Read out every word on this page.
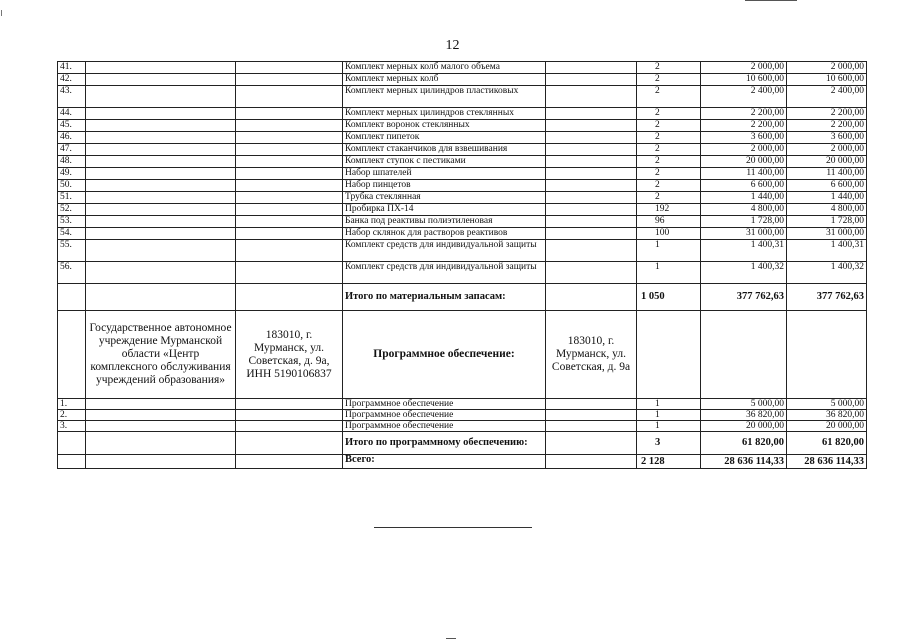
12
41.			Комплект мерных колб малого объема		2	2 000,00	2 000,00
42.			Комплект мерных колб		2	10 600,00	10 600,00
43.			Комплект мерных цилиндров пластиковых		2	2 400,00	2 400,00
44.			Комплект мерных цилиндров стеклянных		2	2 200,00	2 200,00
45.			Комплект воронок стеклянных		2	2 200,00	2 200,00
46.			Комплект пипеток		2	3 600,00	3 600,00
47.			Комплект стаканчиков для взвешивания		2	2 000,00	2 000,00
48.			Комплект ступок с пестиками		2	20 000,00	20 000,00
49.			Набор шпателей		2	11 400,00	11 400,00
50.			Набор пинцетов		2	6 600,00	6 600,00
51.			Трубка стеклянная		2	1 440,00	1 440,00
52.			Пробирка ПХ-14		192	4 800,00	4 800,00
53.			Банка под реактивы полиэтиленовая		96	1 728,00	1 728,00
54.			Набор склянок для растворов реактивов		100	31 000,00	31 000,00
55.			Комплект средств для индивидуальной защиты		1	1 400,31	1 400,31
56.			Комплект средств для индивидуальной защиты		1	1 400,32	1 400,32
			Итого по материальным запасам:		1 050	377 762,63	377 762,63
	Государственное автономное учреждение Мурманской области «Центр комплексного обслуживания учреждений образования»	183010, г. Мурманск, ул. Советская, д. 9а, ИНН 5190106837	Программное обеспечение:	183010, г. Мурманск, ул. Советская, д. 9а			
1.			Программное обеспечение		1	5 000,00	5 000,00
2.			Программное обеспечение		1	36 820,00	36 820,00
3.			Программное обеспечение		1	20 000,00	20 000,00
			Итого по программному обеспечению:		3	61 820,00	61 820,00
			Всего:		2 128	28 636 114,33	28 636 114,33
